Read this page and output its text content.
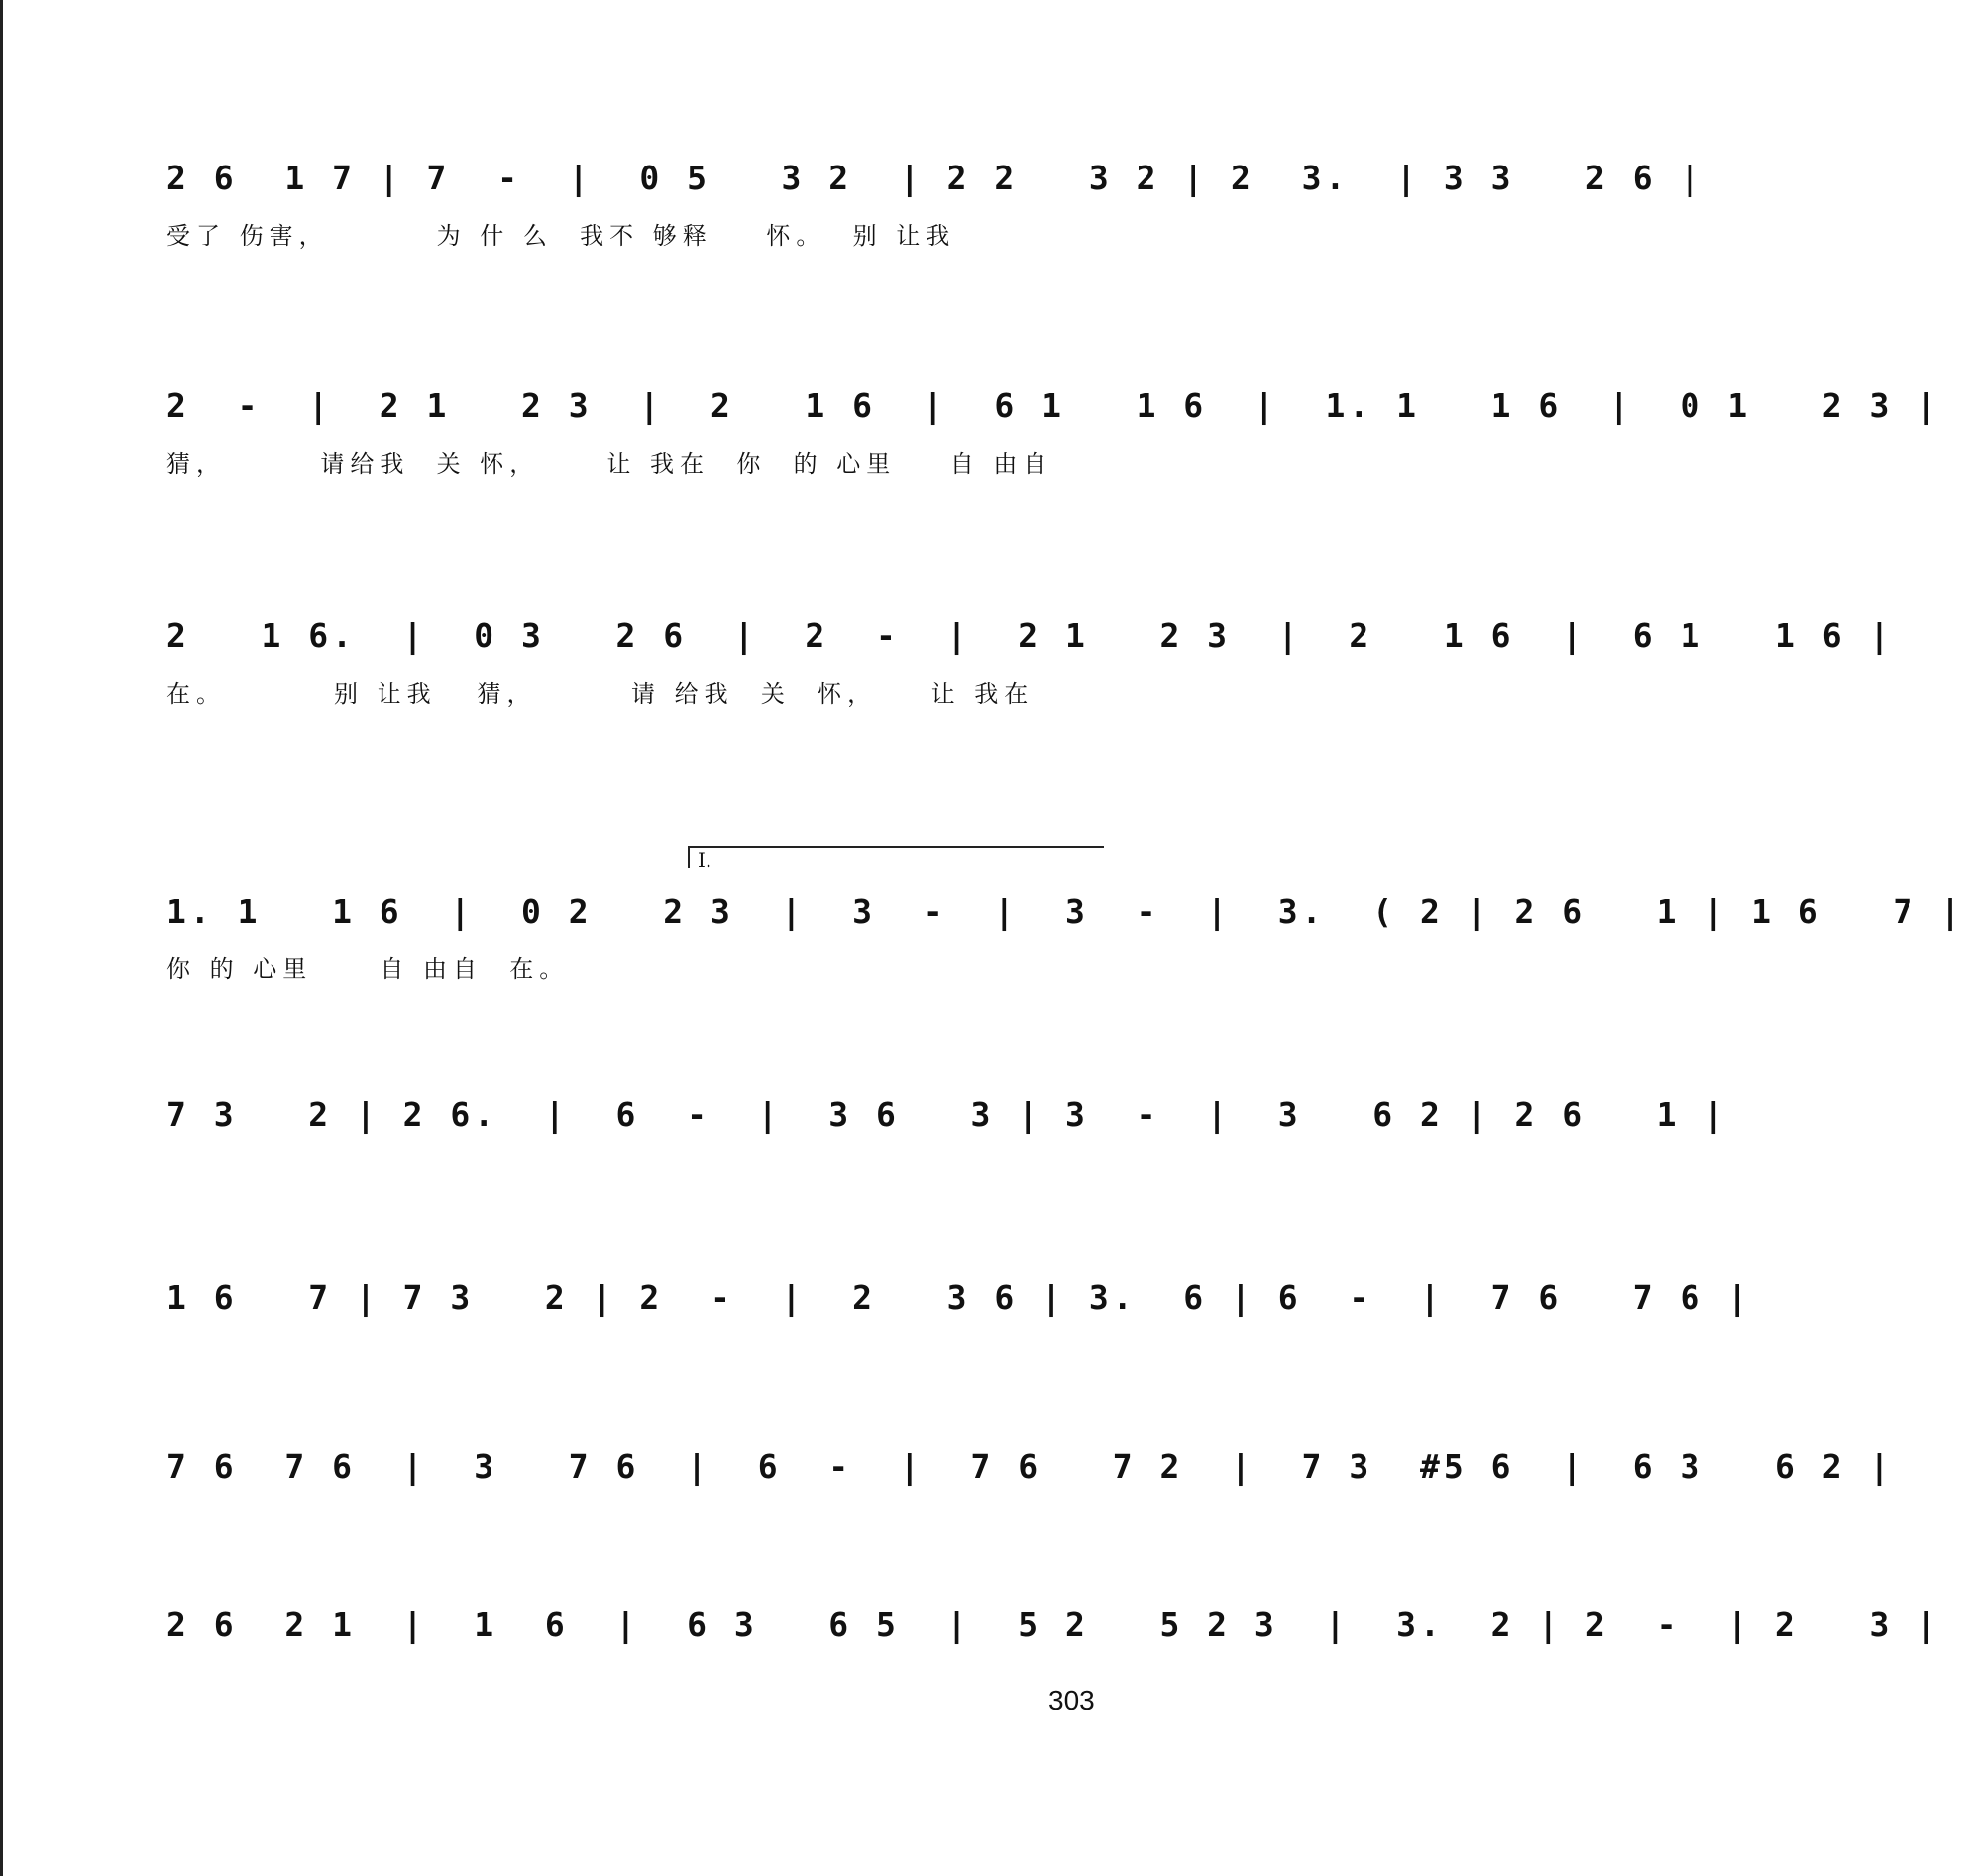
2 6  1 7 | 7  -  |  0 5   3 2  | 2 2   3 2 | 2  3.  | 3 3   2 6 |
受了 伤害，        为 什 么  我不 够释    怀。  别 让我
2  -  |  2 1   2 3  |  2   1 6  |  6 1   1 6  |  1. 1   1 6  |  0 1   2 3 |
猜，       请给我  关 怀，     让 我在  你  的 心里    自 由自
2   1 6.  |  0 3   2 6  |  2  -  |  2 1   2 3  |  2   1 6  |  6 1   1 6 |
在。        别 让我   猜，       请 给我  关  怀，    让 我在
Ⅰ.
1. 1   1 6  |  0 2   2 3  |  3  -  |  3  -  |  3.  ( 2 | 2 6   1 | 1 6   7 |
你 的 心里     自 由自  在。
7 3   2 | 2 6.  |  6  -  |  3 6   3 | 3  -  |  3   6 2 | 2 6   1 |
1 6   7 | 7 3   2 | 2  -  |  2   3 6 | 3.  6 | 6  -  |  7 6   7 6 |
7 6  7 6  |  3   7 6  |  6  -  |  7 6   7 2  |  7 3  #5 6  |  6 3   6 2 |
2 6  2 1  |  1  6  |  6 3   6 5  |  5 2   5 2 3  |  3.  2 | 2  -  | 2   3 |
303
